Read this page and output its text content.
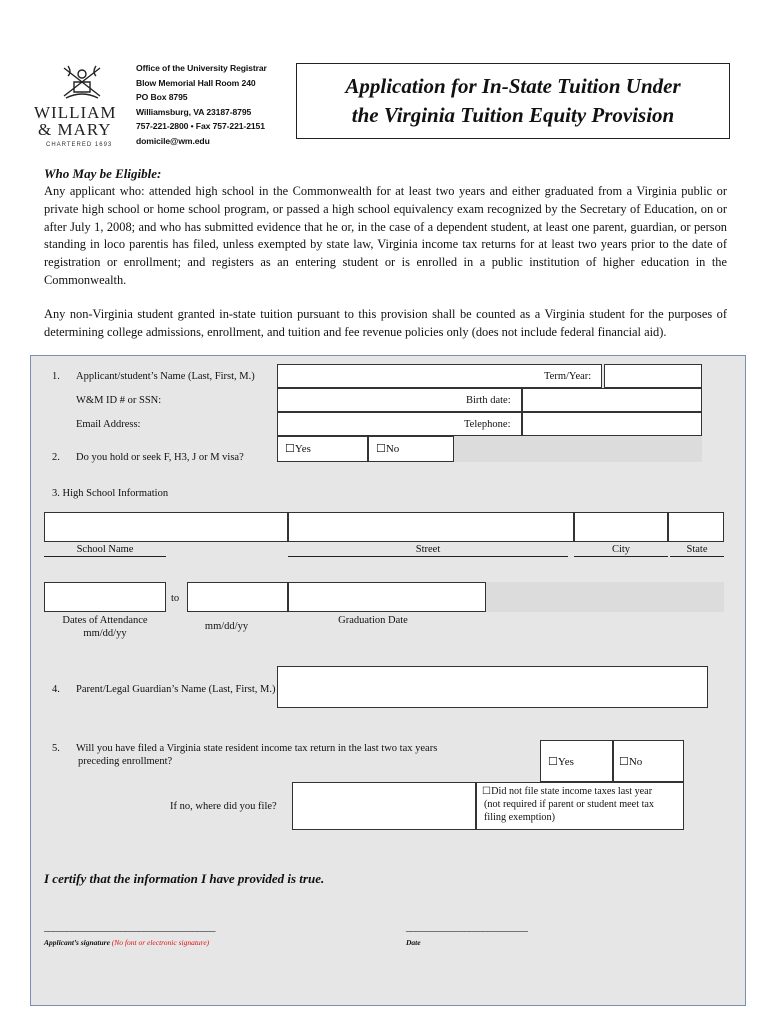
WILLIAM
& MARY
CHARTERED 1693
Office of the University Registrar
Blow Memorial Hall Room 240
PO Box 8795
Williamsburg, VA 23187-8795
757-221-2800 • Fax 757-221-2151
domicile@wm.edu
Application for In-State Tuition Under
the Virginia Tuition Equity Provision
Who May be Eligible:
Any applicant who: attended high school in the Commonwealth for at least two years and either graduated from a Virginia public or private high school or home school program, or passed a high school equivalency exam recognized by the Secretary of Education, on or after July 1, 2008; and who has submitted evidence that he or, in the case of a dependent student, at least one parent, guardian, or person standing in loco parentis has filed, unless exempted by state law, Virginia income tax returns for at least two years prior to the date of registration or enrollment; and registers as an entering student or is enrolled in a public institution of higher education in the Commonwealth.
Any non-Virginia student granted in-state tuition pursuant to this provision shall be counted as a Virginia student for the purposes of determining college admissions, enrollment, and tuition and fee revenue policies only (does not include federal financial aid).
1. Applicant/student’s Name (Last, First, M.)	Term/Year:
W&M ID # or SSN:	Birth date:
Email Address:	Telephone:
2. Do you hold or seek F, H3, J or M visa?
☐Yes	☐No
3. High School Information
School Name	Street	City	State
to
Dates of Attendance
mm/dd/yy
mm/dd/yy
Graduation Date
4. Parent/Legal Guardian’s Name (Last, First, M.)
5. Will you have filed a Virginia state resident income tax return in the last two tax years
preceding enrollment?	☐Yes	☐No
If no, where did you file?
☐Did not file state income taxes last year
(not required if parent or student meet tax
filing exemption)
I certify that the information I have provided is true.
______________________________________	___________________________
Applicant’s signature (No font or electronic signature)	Date
